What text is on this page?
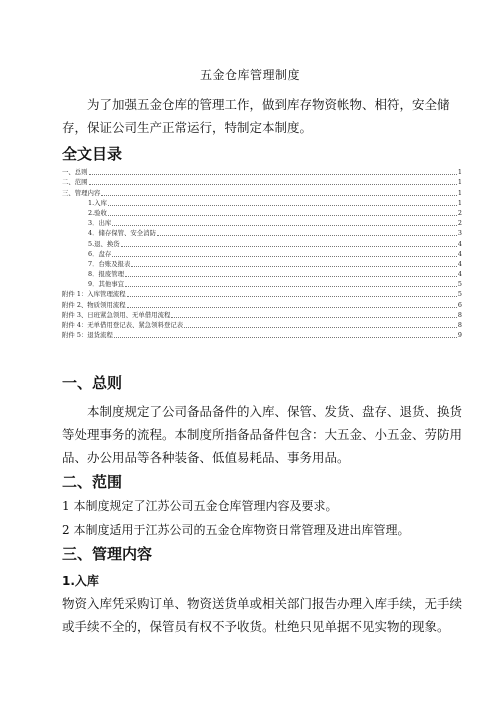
五金仓库管理制度

为了加强五金仓库的管理工作，做到库存物资帐物、相符，安全储存，保证公司生产正常运行，特制定本制度。

全文目录
一、总则	1
二、范围	1
三、管理内容	1
1.入库	1
2.验收	2
3．出库	2
4．储存保管、安全消防	3
5.退、换货	4
6．盘存	4
7．台账及报表	4
8．报废管理	4
9．其他事宜	5
附件 1：入库管理流程	5
附件 2、物质领用流程	6
附件 3、日班紧急领用、无单借用流程	8
附件 4：无单借用登记表、紧急领料登记表	8
附件 5：退货流程	9
一、总则

本制度规定了公司备品备件的入库、保管、发货、盘存、退货、换货等处理事务的流程。本制度所指备品备件包含：大五金、小五金、劳防用品、办公用品等各种装备、低值易耗品、事务用品。

二、范围

1 本制度规定了江苏公司五金仓库管理内容及要求。

2 本制度适用于江苏公司的五金仓库物资日常管理及进出库管理。

三、管理内容
1.入库

物资入库凭采购订单、物资送货单或相关部门报告办理入库手续，无手续或手续不全的，保管员有权不予收货。杜绝只见单据不见实物的现象。
